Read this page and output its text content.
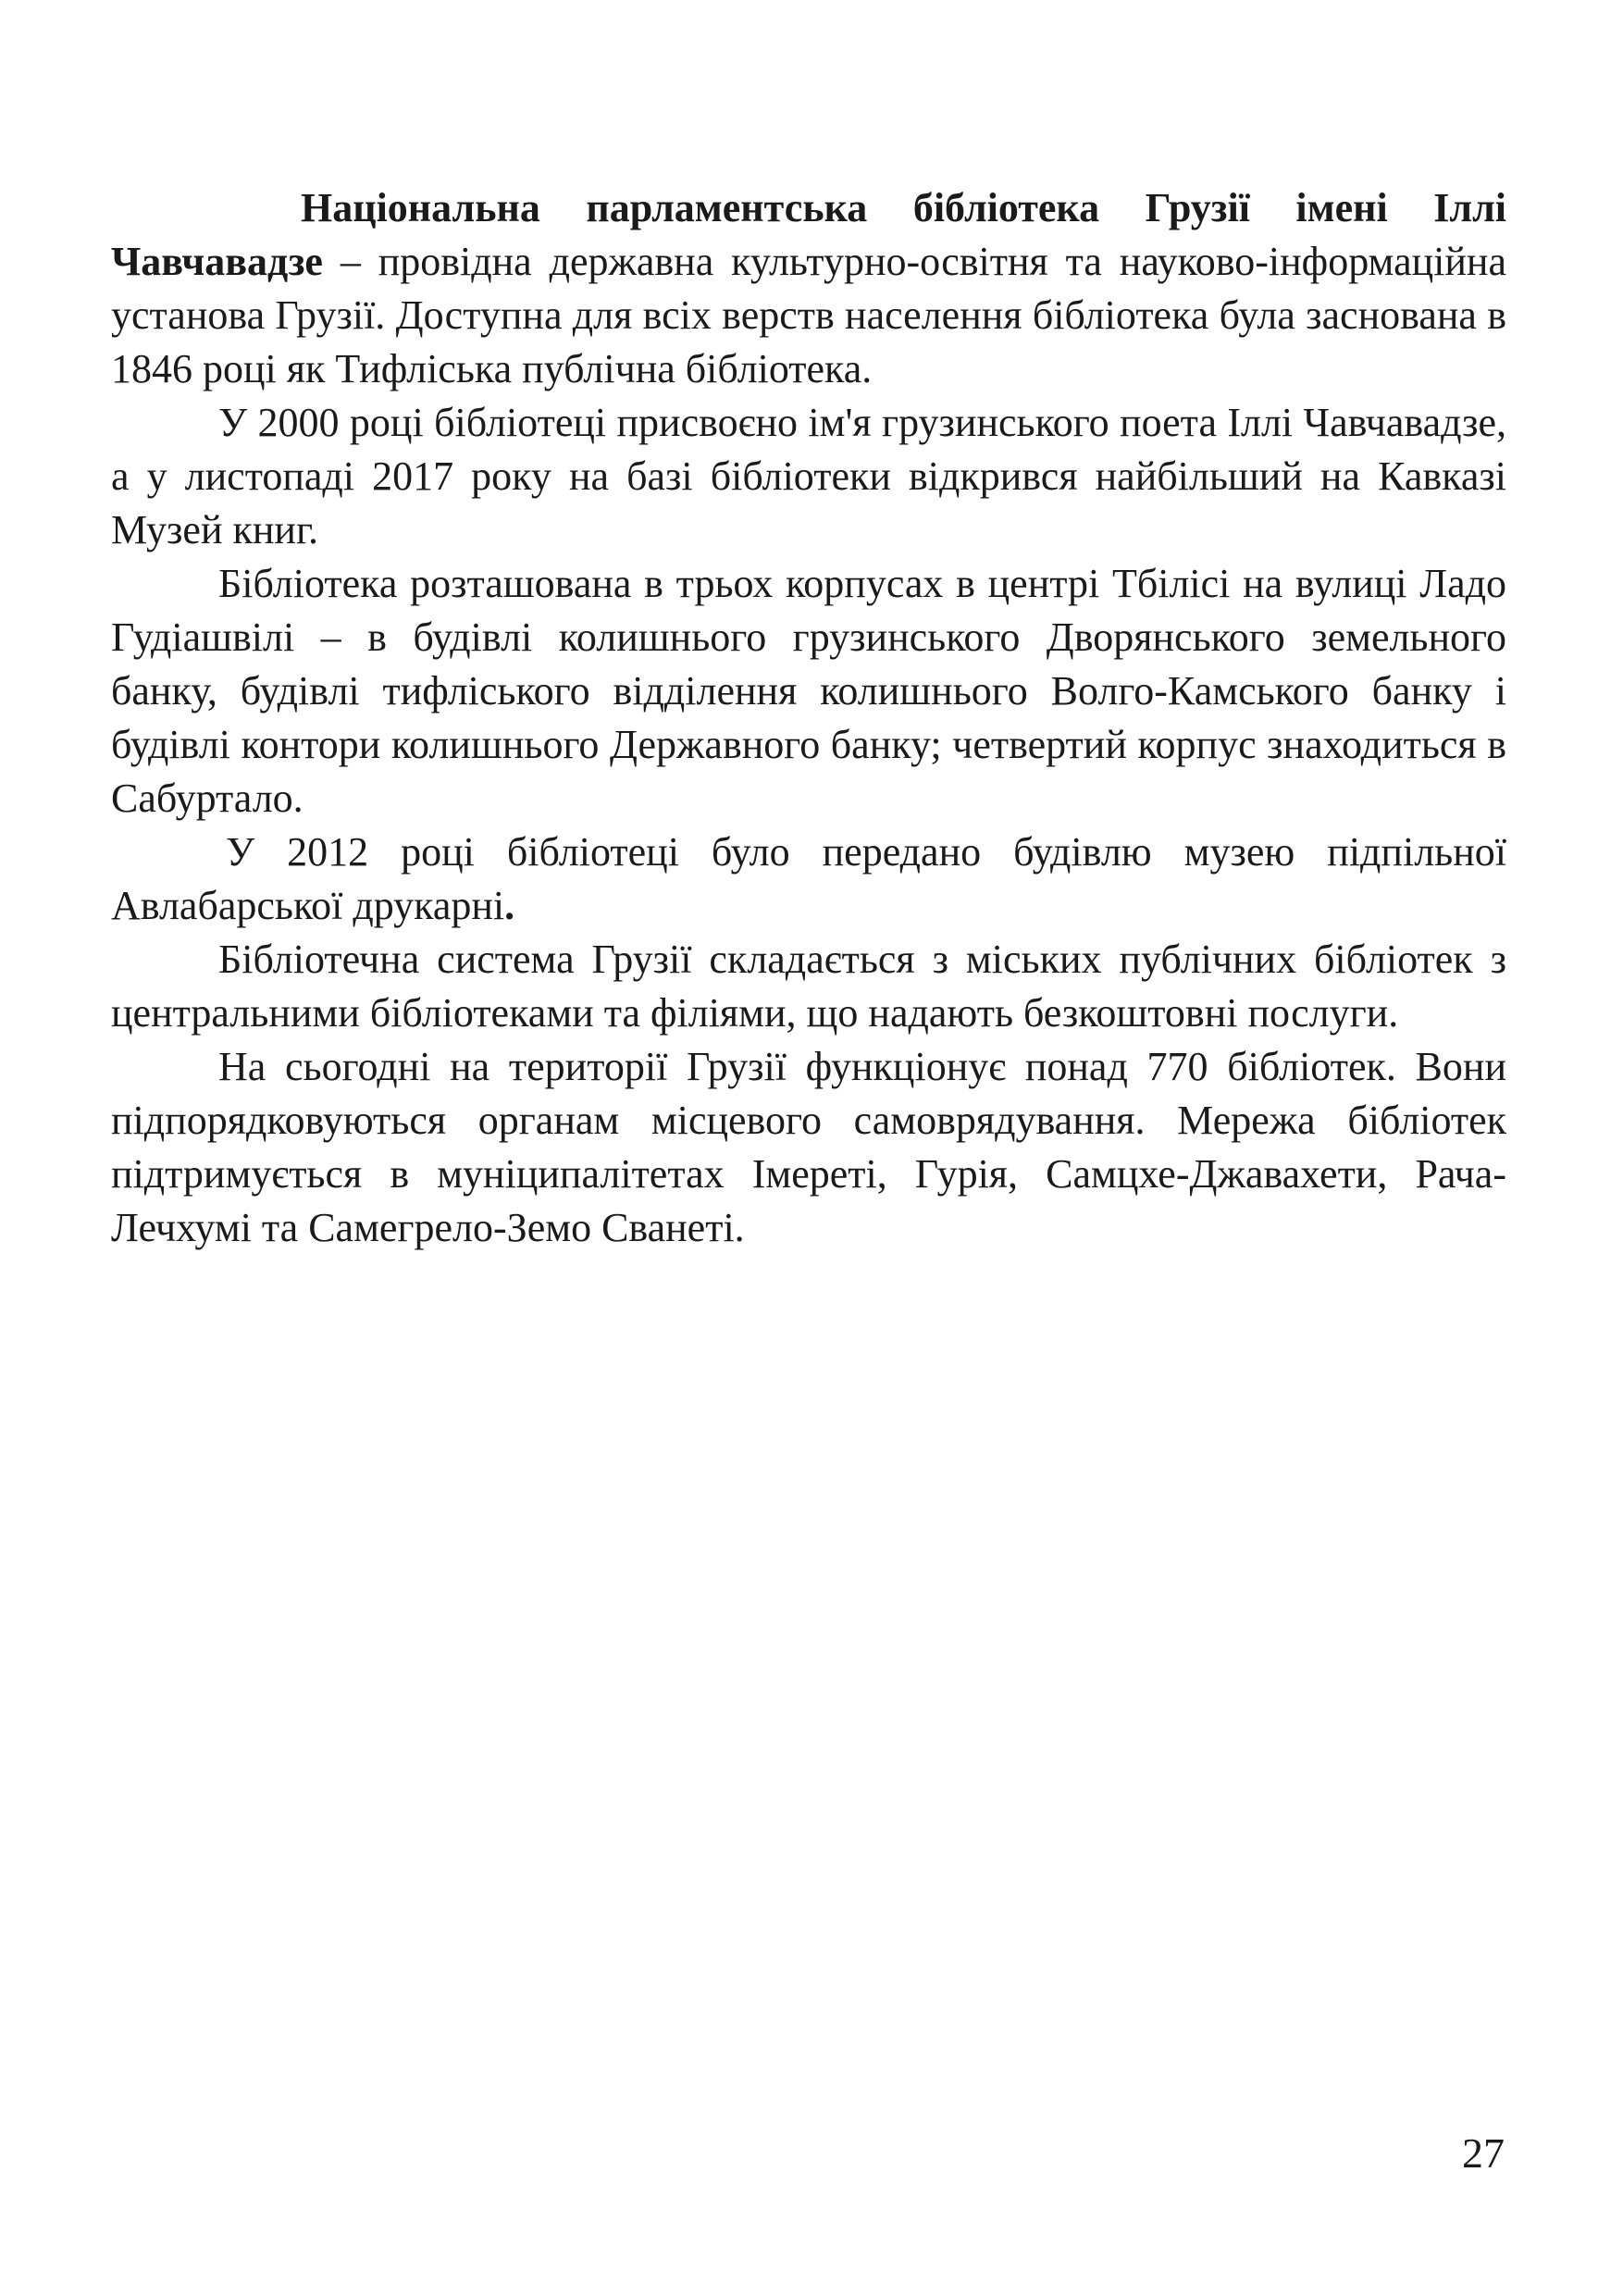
Національна парламентська бібліотека Грузії імені Іллі Чавчавадзе – провідна державна культурно-освітня та науково-інформаційна установа Грузії. Доступна для всіх верств населення бібліотека була заснована в 1846 році як Тифліська публічна бібліотека.

У 2000 році бібліотеці присвоєно ім'я грузинського поета Іллі Чавчавадзе, а у листопаді 2017 року на базі бібліотеки відкрився найбільший на Кавказі Музей книг.

Бібліотека розташована в трьох корпусах в центрі Тбілісі на вулиці Ладо Гудіашвілі – в будівлі колишнього грузинського Дворянського земельного банку, будівлі тифліського відділення колишнього Волго-Камського банку і будівлі контори колишнього Державного банку; четвертий корпус знаходиться в Сабуртало.

У 2012 році бібліотеці було передано будівлю музею підпільної Авлабарської друкарні.

Бібліотечна система Грузії складається з міських публічних бібліотек з центральними бібліотеками та філіями, що надають безкоштовні послуги.

На сьогодні на території Грузії функціонує понад 770 бібліотек. Вони підпорядковуються органам місцевого самоврядування. Мережа бібліотек підтримується в муніципалітетах Імереті, Гурія, Самцхе-Джавахети, Рача-Лечхумі та Самегрело-Земо Сванеті.

27
